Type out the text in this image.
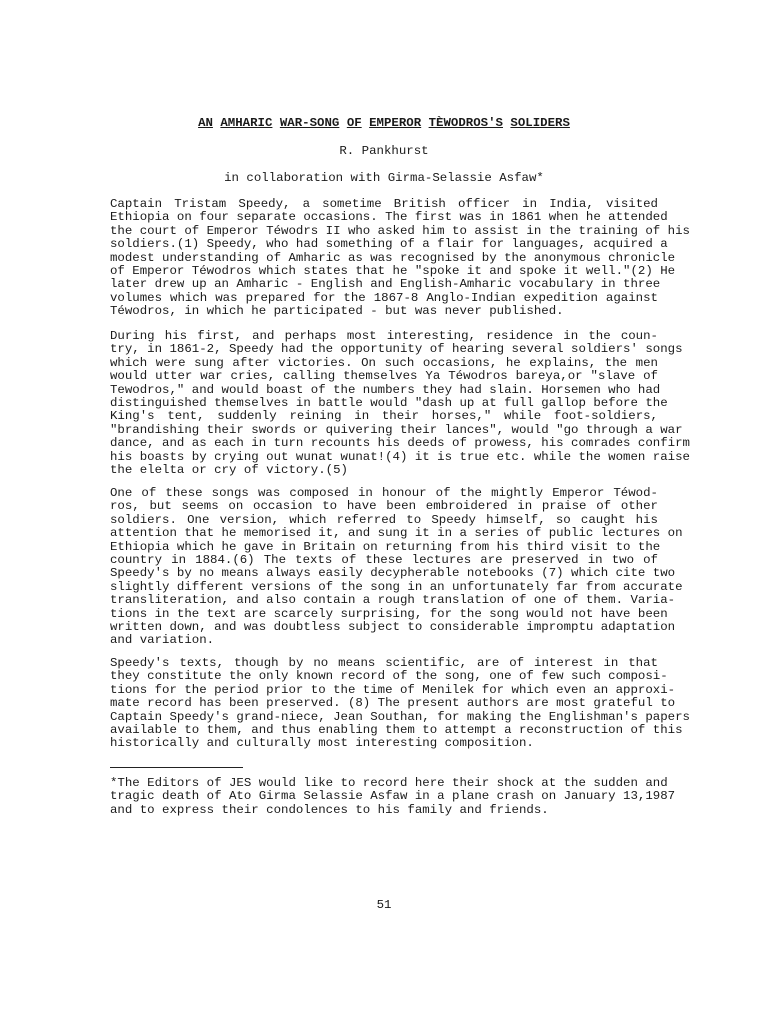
AN AMHARIC WAR-SONG OF EMPEROR TÈWODROS'S SOLIDERS
R. Pankhurst
in collaboration with Girma-Selassie Asfaw*
Captain Tristam Speedy, a sometime British officer in India, visited
Ethiopia on four separate occasions. The first was in 1861 when he attended
the court of Emperor Téwodrs II who asked him to assist in the training of his
soldiers.(1) Speedy, who had something of a flair for languages, acquired a
modest understanding of Amharic as was recognised by the anonymous chronicle
of Emperor Téwodros which states that he "spoke it and spoke it well."(2) He
later drew up an Amharic - English and English-Amharic vocabulary in three
volumes which was prepared for the 1867-8 Anglo-Indian expedition against
Téwodros, in which he participated - but was never published.
During his first, and perhaps most interesting, residence in the coun-
try, in 1861-2, Speedy had the opportunity of hearing several soldiers' songs
which were sung after victories. On such occasions, he explains, the men
would utter war cries, calling themselves Ya Téwodros bareya,or "slave of
Tewodros," and would boast of the numbers they had slain. Horsemen who had
distinguished themselves in battle would "dash up at full gallop before the
King's tent, suddenly reining in their horses," while foot-soldiers,
"brandishing their swords or quivering their lances", would "go through a war
dance, and as each in turn recounts his deeds of prowess, his comrades confirm
his boasts by crying out wunat wunat!(4) it is true etc. while the women raise
the elelta or cry of victory.(5)
One of these songs was composed in honour of the mightly Emperor Téwod-
ros, but seems on occasion to have been embroidered in praise of other
soldiers. One version, which referred to Speedy himself, so caught his
attention that he memorised it, and sung it in a series of public lectures on
Ethiopia which he gave in Britain on returning from his third visit to the
country in 1884.(6) The texts of these lectures are preserved in two of
Speedy's by no means always easily decypherable notebooks (7) which cite two
slightly different versions of the song in an unfortunately far from accurate
transliteration, and also contain a rough translation of one of them. Varia-
tions in the text are scarcely surprising, for the song would not have been
written down, and was doubtless subject to considerable impromptu adaptation
and variation.
Speedy's texts, though by no means scientific, are of interest in that
they constitute the only known record of the song, one of few such composi-
tions for the period prior to the time of Menilek for which even an approxi-
mate record has been preserved. (8) The present authors are most grateful to
Captain Speedy's grand-niece, Jean Southan, for making the Englishman's papers
available to them, and thus enabling them to attempt a reconstruction of this
historically and culturally most interesting composition.
*The Editors of JES would like to record here their shock at the sudden and
tragic death of Ato Girma Selassie Asfaw in a plane crash on January 13,1987
and to express their condolences to his family and friends.
51
